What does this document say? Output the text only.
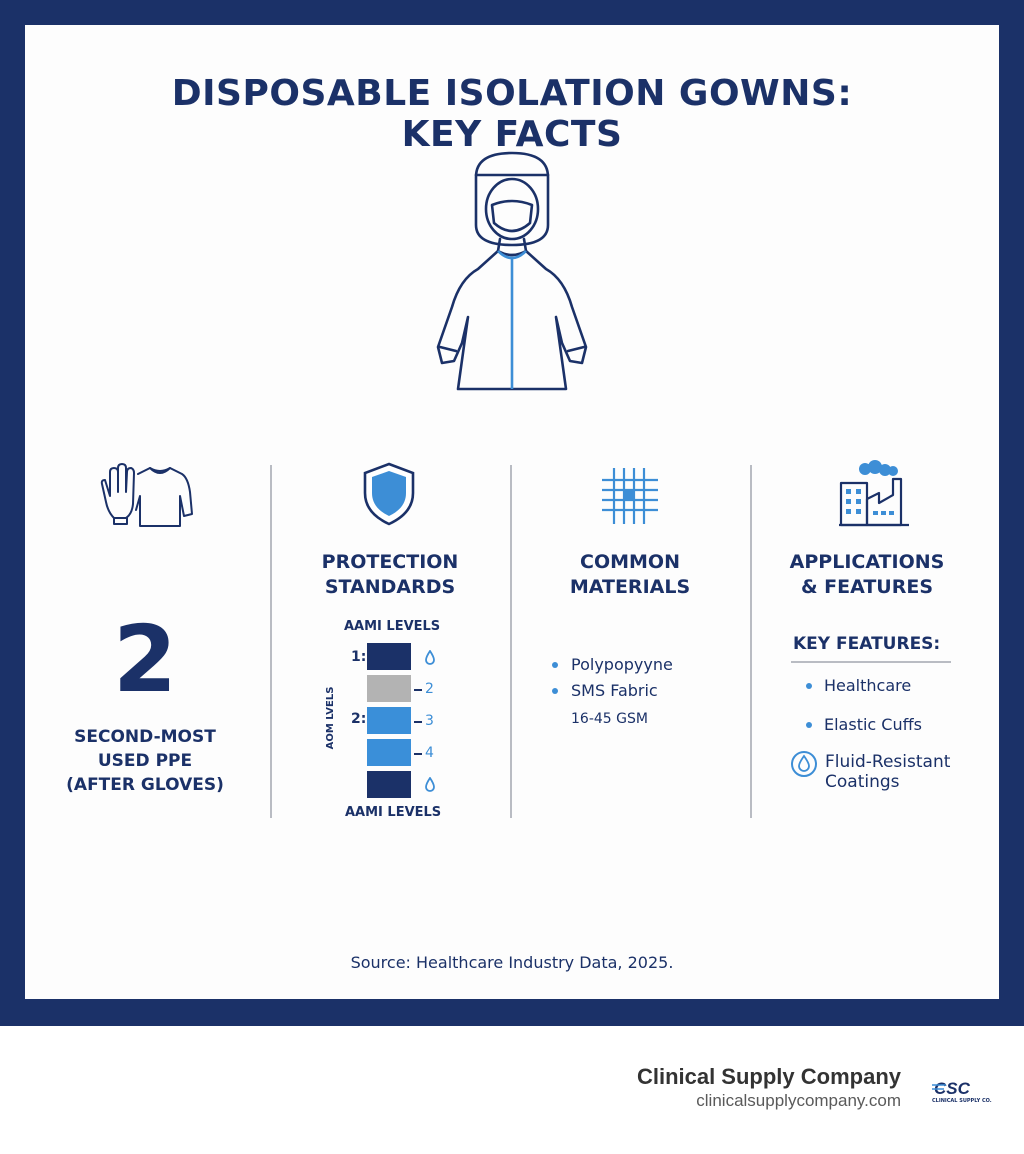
DISPOSABLE ISOLATION GOWNS:
KEY FACTS
2
SECOND-MOST
USED PPE
(AFTER GLOVES)
PROTECTION
STANDARDS
AAMI LEVELS
AAMI LEVELS
AOM LVELS
1:
2:
2
3
4
COMMON
MATERIALS
Polypopyyne
SMS Fabric
16-45 GSM
APPLICATIONS
& FEATURES
KEY FEATURES:
Healthcare
Elastic Cuffs
Fluid-Resistant
Coatings
Source: Healthcare Industry Data, 2025.
Clinical Supply Company
clinicalsupplycompany.com
CSC
CLINICAL SUPPLY CO.
